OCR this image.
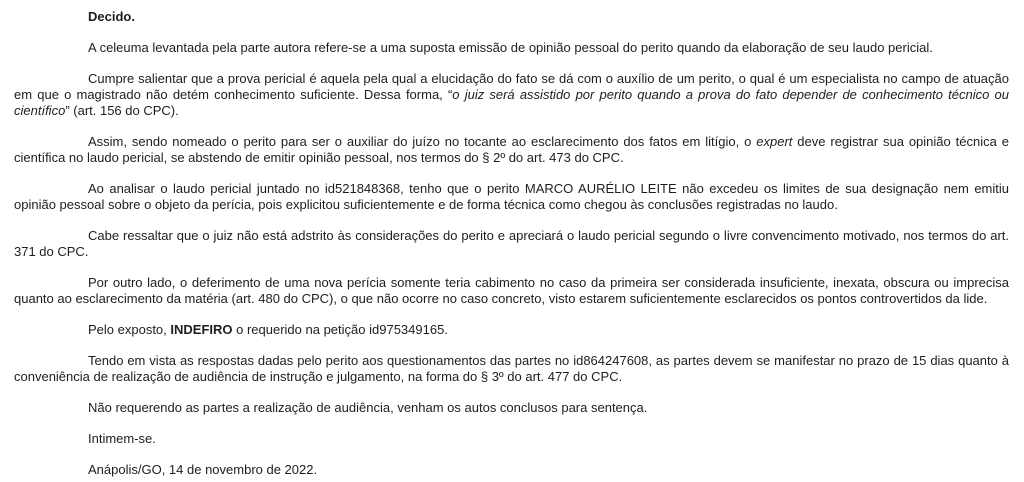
Decido.

A celeuma levantada pela parte autora refere-se a uma suposta emissão de opinião pessoal do perito quando da elaboração de seu laudo pericial.

Cumpre salientar que a prova pericial é aquela pela qual a elucidação do fato se dá com o auxílio de um perito, o qual é um especialista no campo de atuação em que o magistrado não detém conhecimento suficiente. Dessa forma, “o juiz será assistido por perito quando a prova do fato depender de conhecimento técnico ou científico” (art. 156 do CPC).

Assim, sendo nomeado o perito para ser o auxiliar do juízo no tocante ao esclarecimento dos fatos em litígio, o expert deve registrar sua opinião técnica e científica no laudo pericial, se abstendo de emitir opinião pessoal, nos termos do § 2º do art. 473 do CPC.

Ao analisar o laudo pericial juntado no id521848368, tenho que o perito MARCO AURÉLIO LEITE não excedeu os limites de sua designação nem emitiu opinião pessoal sobre o objeto da perícia, pois explicitou suficientemente e de forma técnica como chegou às conclusões registradas no laudo.

Cabe ressaltar que o juiz não está adstrito às considerações do perito e apreciará o laudo pericial segundo o livre convencimento motivado, nos termos do art. 371 do CPC.

Por outro lado, o deferimento de uma nova perícia somente teria cabimento no caso da primeira ser considerada insuficiente, inexata, obscura ou imprecisa quanto ao esclarecimento da matéria (art. 480 do CPC), o que não ocorre no caso concreto, visto estarem suficientemente esclarecidos os pontos controvertidos da lide.

Pelo exposto, INDEFIRO o requerido na petição id975349165.

Tendo em vista as respostas dadas pelo perito aos questionamentos das partes no id864247608, as partes devem se manifestar no prazo de 15 dias quanto à conveniência de realização de audiência de instrução e julgamento, na forma do § 3º do art. 477 do CPC.

Não requerendo as partes a realização de audiência, venham os autos conclusos para sentença.

Intimem-se.

Anápolis/GO, 14 de novembro de 2022.
